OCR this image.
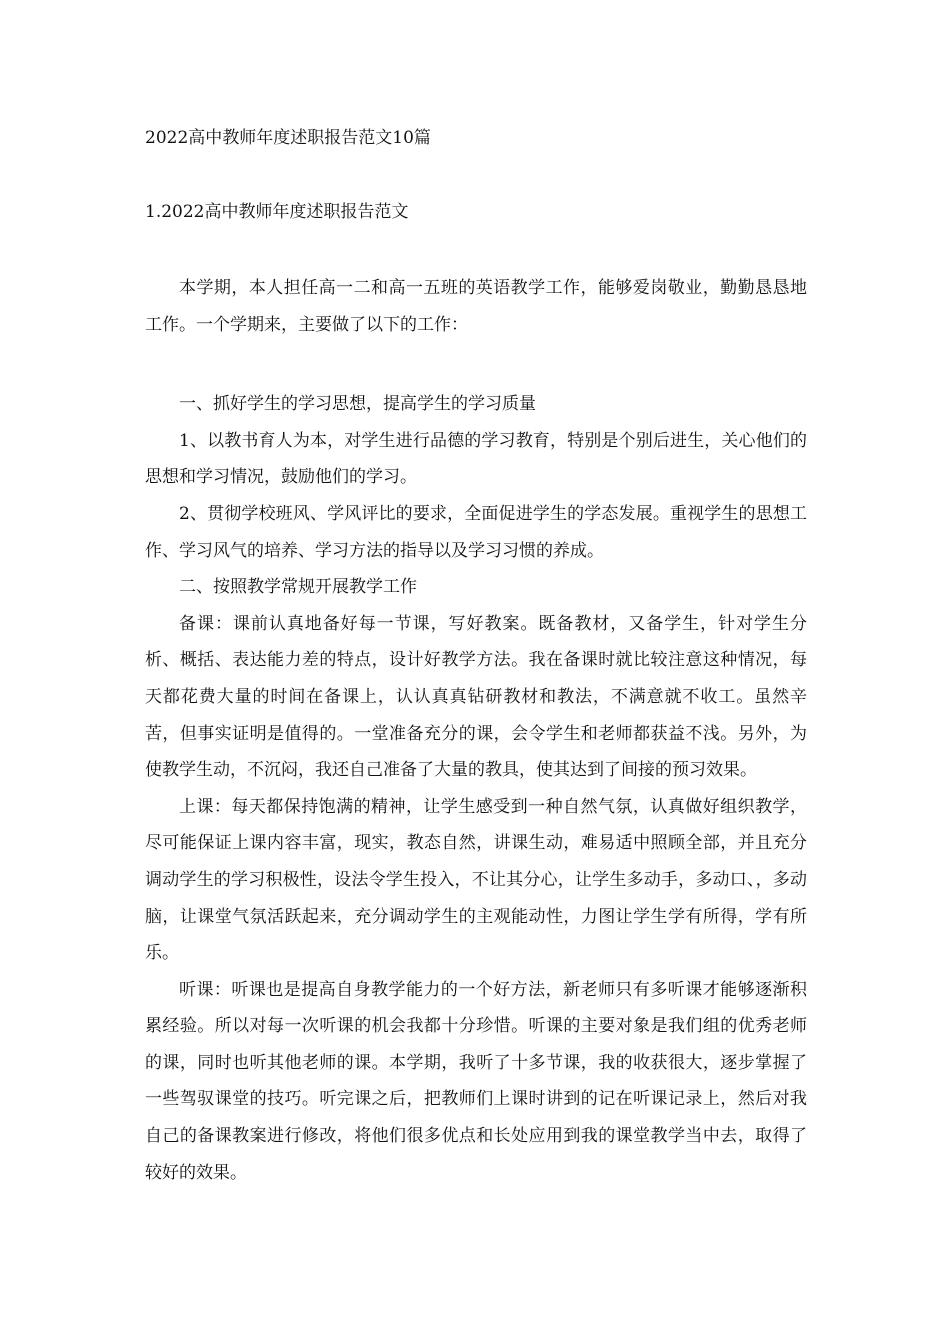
2022高中教师年度述职报告范文10篇
1.2022高中教师年度述职报告范文

本学期，本人担任高一二和高一五班的英语教学工作，能够爱岗敬业，勤勤恳恳地工作。一个学期来，主要做了以下的工作：

一、抓好学生的学习思想，提高学生的学习质量

1、以教书育人为本，对学生进行品德的学习教育，特别是个别后进生，关心他们的思想和学习情况，鼓励他们的学习。

2、贯彻学校班风、学风评比的要求，全面促进学生的学态发展。重视学生的思想工作、学习风气的培养、学习方法的指导以及学习习惯的养成。

二、按照教学常规开展教学工作

备课：课前认真地备好每一节课，写好教案。既备教材，又备学生，针对学生分析、概括、表达能力差的特点，设计好教学方法。我在备课时就比较注意这种情况，每天都花费大量的时间在备课上，认认真真钻研教材和教法，不满意就不收工。虽然辛苦，但事实证明是值得的。一堂准备充分的课，会令学生和老师都获益不浅。另外，为使教学生动，不沉闷，我还自己准备了大量的教具，使其达到了间接的预习效果。

上课：每天都保持饱满的精神，让学生感受到一种自然气氛，认真做好组织教学，尽可能保证上课内容丰富，现实，教态自然，讲课生动，难易适中照顾全部，并且充分调动学生的学习积极性，设法令学生投入，不让其分心，让学生多动手，多动口、，多动脑，让课堂气氛活跃起来，充分调动学生的主观能动性，力图让学生学有所得，学有所乐。

听课：听课也是提高自身教学能力的一个好方法，新老师只有多听课才能够逐渐积累经验。所以对每一次听课的机会我都十分珍惜。听课的主要对象是我们组的优秀老师的课，同时也听其他老师的课。本学期，我听了十多节课，我的收获很大，逐步掌握了一些驾驭课堂的技巧。听完课之后，把教师们上课时讲到的记在听课记录上，然后对我自己的备课教案进行修改，将他们很多优点和长处应用到我的课堂教学当中去，取得了较好的效果。
